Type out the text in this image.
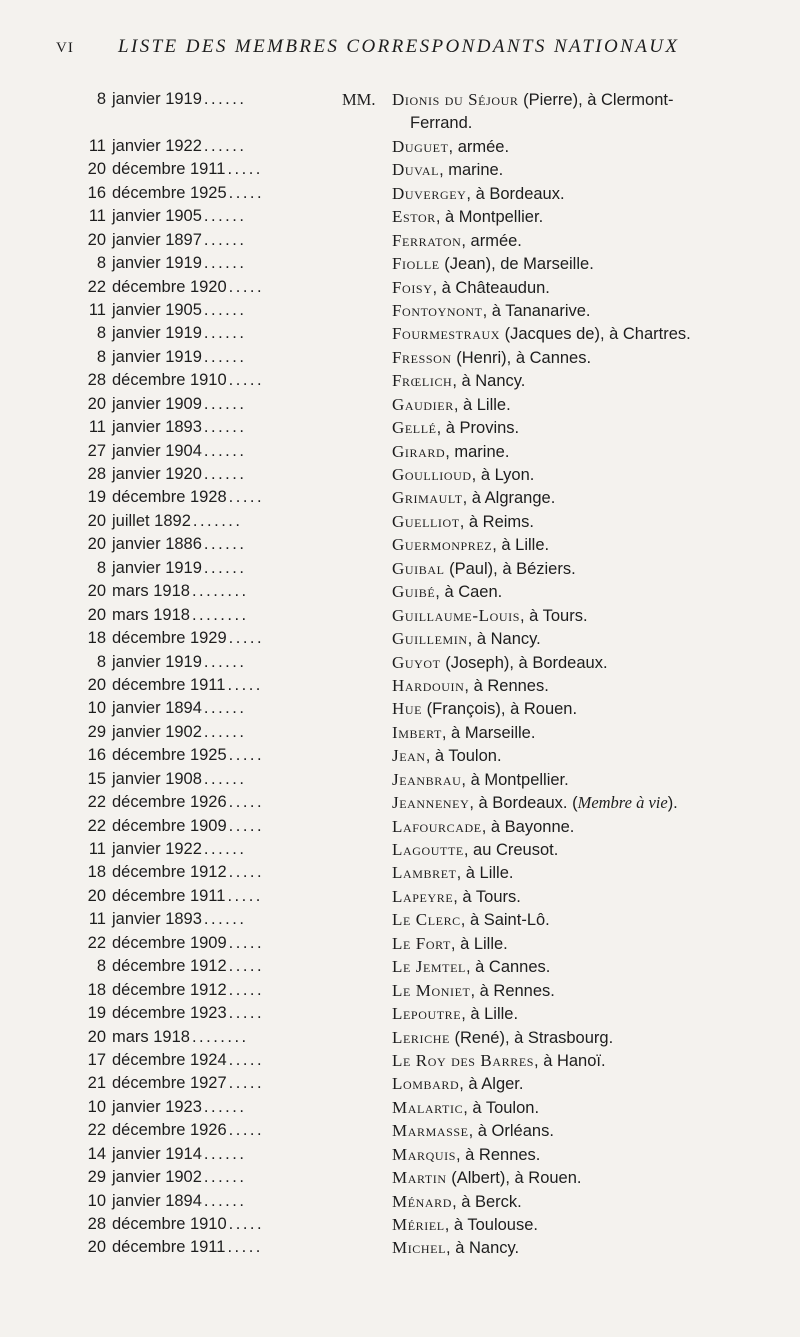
VI LISTE DES MEMBRES CORRESPONDANTS NATIONAUX
8 janvier 1919 ......	MM. Dionis du Séjour (Pierre), à Clermont-
Ferrand.
11 janvier 1922 ......	Duguet, armée.
20 décembre 1911 .....	Duval, marine.
16 décembre 1925 .....	Duvergey, à Bordeaux.
11 janvier 1905 ......	Estor, à Montpellier.
20 janvier 1897 ......	Ferraton, armée.
8 janvier 1919 ......	Fiolle (Jean), de Marseille.
22 décembre 1920 .....	Foisy, à Châteaudun.
11 janvier 1905 ......	Fontoynont, à Tananarive.
8 janvier 1919 ......	Fourmestraux (Jacques de), à Chartres.
8 janvier 1919 ......	Fresson (Henri), à Cannes.
28 décembre 1910 .....	Frœlich, à Nancy.
20 janvier 1909 ......	Gaudier, à Lille.
11 janvier 1893 ......	Gellé, à Provins.
27 janvier 1904 ......	Girard, marine.
28 janvier 1920 ......	Goullioud, à Lyon.
19 décembre 1928 .....	Grimault, à Algrange.
20 juillet 1892 .......	Guelliot, à Reims.
20 janvier 1886 ......	Guermonprez, à Lille.
8 janvier 1919 ......	Guibal (Paul), à Béziers.
20 mars 1918 ........	Guibé, à Caen.
20 mars 1918 ........	Guillaume-Louis, à Tours.
18 décembre 1929 .....	Guillemin, à Nancy.
8 janvier 1919 ......	Guyot (Joseph), à Bordeaux.
20 décembre 1911 .....	Hardouin, à Rennes.
10 janvier 1894 ......	Hue (François), à Rouen.
29 janvier 1902 ......	Imbert, à Marseille.
16 décembre 1925 .....	Jean, à Toulon.
15 janvier 1908 ......	Jeanbrau, à Montpellier.
22 décembre 1926 .....	Jeanneney, à Bordeaux. (Membre à vie).
22 décembre 1909 .....	Lafourcade, à Bayonne.
11 janvier 1922 ......	Lagoutte, au Creusot.
18 décembre 1912 .....	Lambret, à Lille.
20 décembre 1911 .....	Lapeyre, à Tours.
11 janvier 1893 ......	Le Clerc, à Saint-Lô.
22 décembre 1909 .....	Le Fort, à Lille.
8 décembre 1912 .....	Le Jemtel, à Cannes.
18 décembre 1912 .....	Le Moniet, à Rennes.
19 décembre 1923 .....	Lepoutre, à Lille.
20 mars 1918 ........	Leriche (René), à Strasbourg.
17 décembre 1924 .....	Le Roy des Barres, à Hanoï.
21 décembre 1927 .....	Lombard, à Alger.
10 janvier 1923 ......	Malartic, à Toulon.
22 décembre 1926 .....	Marmasse, à Orléans.
14 janvier 1914 ......	Marquis, à Rennes.
29 janvier 1902 ......	Martin (Albert), à Rouen.
10 janvier 1894 ......	Ménard, à Berck.
28 décembre 1910 .....	Mériel, à Toulouse.
20 décembre 1911 .....	Michel, à Nancy.
